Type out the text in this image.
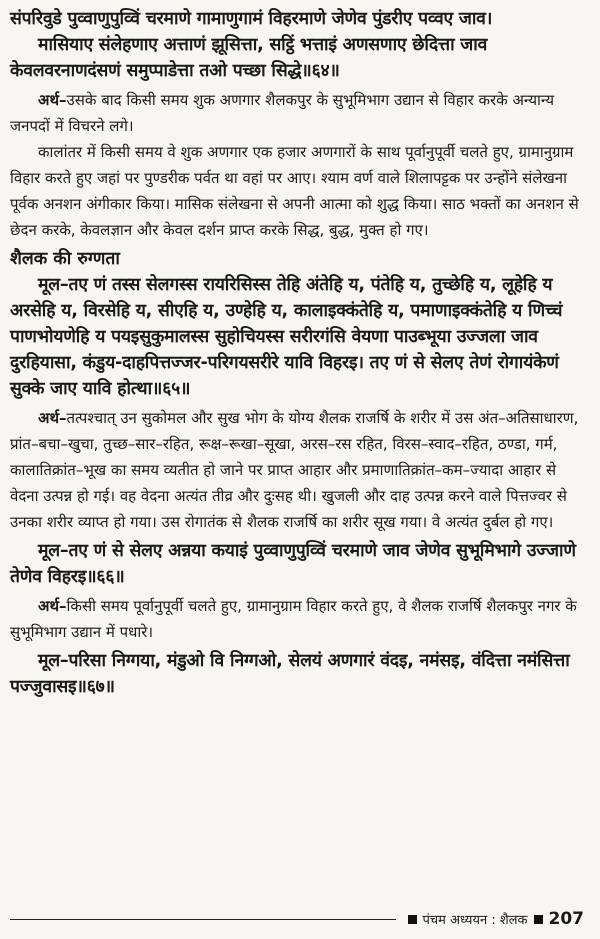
संपरिवुडे पुव्वाणुपुव्विं चरमाणे गामाणुगामं विहरमाणे जेणेव पुंडरीए पव्वए जाव।

मासियाए संलेहणाए अत्ताणं झूसित्ता, सट्ठिं भत्ताइं अणसणाए छेदित्ता जाव केवलवरनाणदंसणं समुप्पाडेत्ता तओ पच्छा सिद्धे॥६४॥

अर्थ–उसके बाद किसी समय शुक अणगार शैलकपुर के सुभूमिभाग उद्यान से विहार करके अन्यान्य जनपदों में विचरने लगे।

कालांतर में किसी समय वे शुक अणगार एक हजार अणगारों के साथ पूर्वानुपूर्वी चलते हुए, ग्रामानुग्राम विहार करते हुए जहां पर पुण्डरीक पर्वत था वहां पर आए। श्याम वर्ण वाले शिलापट्टक पर उन्होंने संलेखना पूर्वक अनशन अंगीकार किया। मासिक संलेखना से अपनी आत्मा को शुद्ध किया। साठ भक्तों का अनशन से छेदन करके, केवलज्ञान और केवल दर्शन प्राप्त करके सिद्ध, बुद्ध, मुक्त हो गए।

शैलक की रुग्णता

मूल–तए णं तस्स सेलगस्स रायरिसिस्स तेहि अंतेहि य, पंतेहि य, तुच्छेहि य, लूहेहि य अरसेहि य, विरसेहि य, सीएहि य, उण्हेहि य, कालाइक्कंतेहि य, पमाणाइक्कंतेहि य णिच्चं पाणभोयणेहि य पयइसुकुमालस्स सुहोचियस्स सरीरगंसि वेयणा पाउब्भूया उज्जला जाव दुरहियासा, कंडुय-दाहपित्तज्जर-परिगयसरीरे यावि विहरइ। तए णं से सेलए तेणं रोगायंकेणं सुक्के जाए यावि होत्था॥६५॥

अर्थ–तत्पश्चात् उन सुकोमल और सुख भोग के योग्य शैलक राजर्षि के शरीर में उस अंत–अतिसाधारण, प्रांत–बचा–खुचा, तुच्छ–सार–रहित, रूक्ष–रूखा–सूखा, अरस–रस रहित, विरस–स्वाद–रहित, ठण्डा, गर्म, कालातिक्रांत–भूख का समय व्यतीत हो जाने पर प्राप्त आहार और प्रमाणातिक्रांत–कम–ज्यादा आहार से वेदना उत्पन्न हो गई। वह वेदना अत्यंत तीव्र और दुःसह थी। खुजली और दाह उत्पन्न करने वाले पित्तज्वर से उनका शरीर व्याप्त हो गया। उस रोगातंक से शैलक राजर्षि का शरीर सूख गया। वे अत्यंत दुर्बल हो गए।

मूल–तए णं से सेलए अन्नया कयाइं पुव्वाणुपुव्विं चरमाणे जाव जेणेव सुभूमिभागे उज्जाणे तेणेव विहरइ॥६६॥

अर्थ–किसी समय पूर्वानुपूर्वी चलते हुए, ग्रामानुग्राम विहार करते हुए, वे शैलक राजर्षि शैलकपुर नगर के सुभूमिभाग उद्यान में पधारे।

मूल–परिसा निग्गया, मंडुओ वि निग्गओ, सेलयं अणगारं वंदइ, नमंसइ, वंदित्ता नमंसित्ता पज्जुवासइ॥६७॥

पंचम अध्ययन : शैलक 207
